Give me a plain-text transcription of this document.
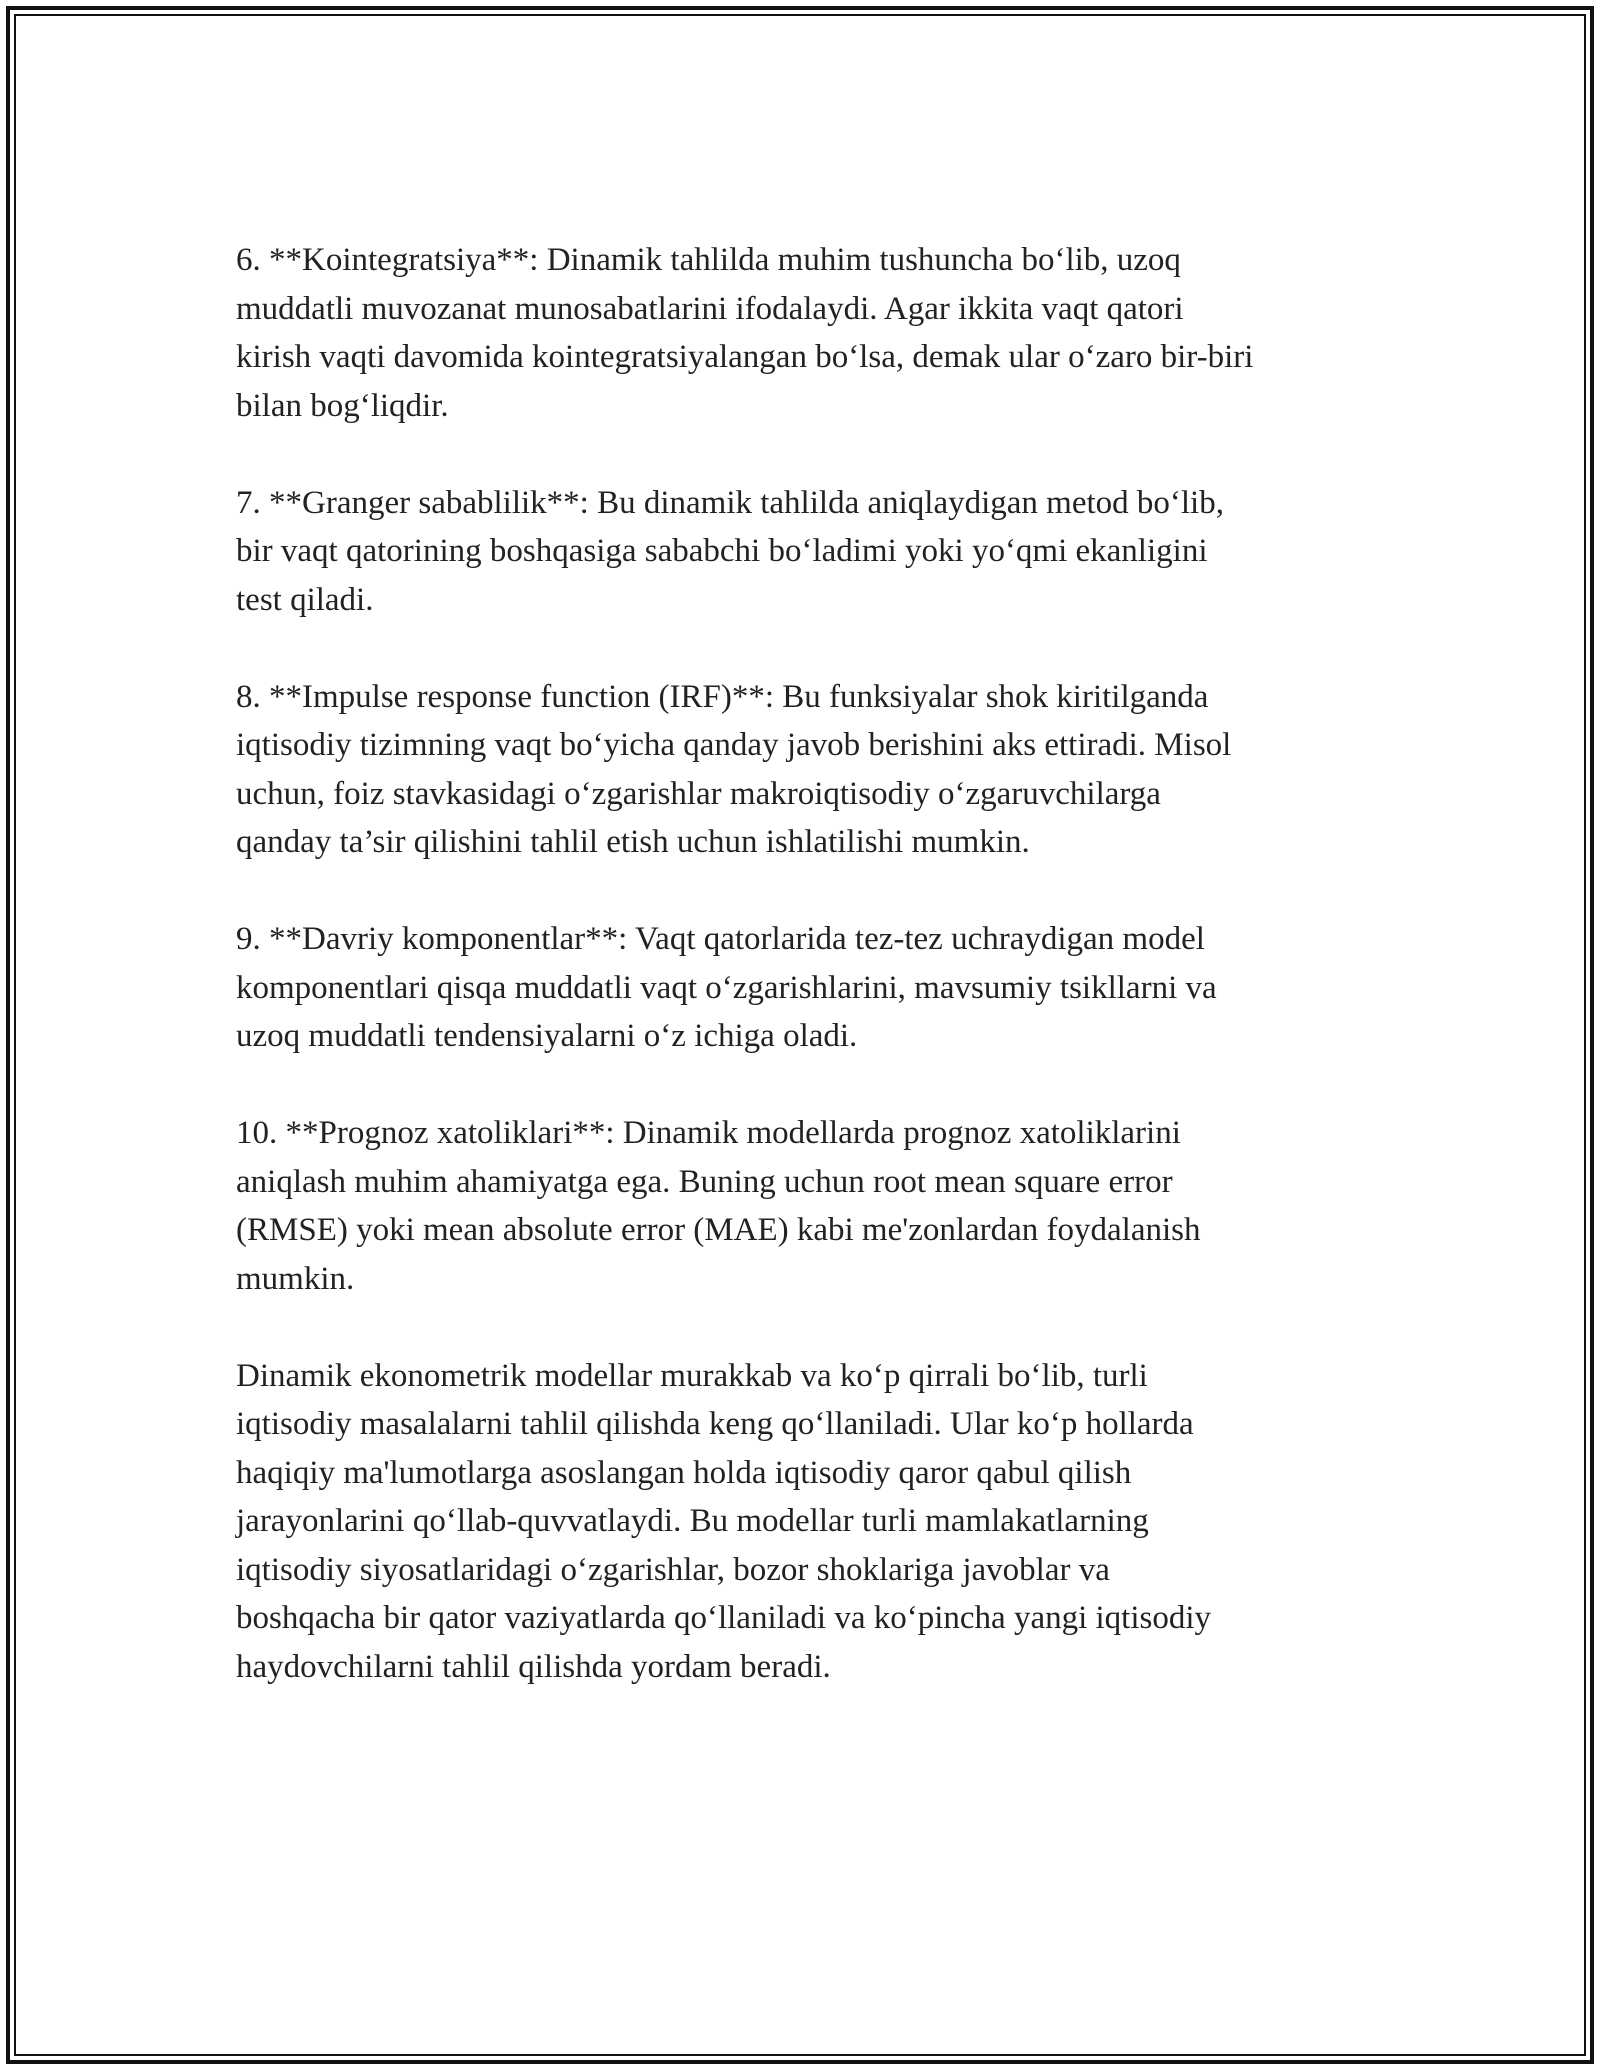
6. **Kointegratsiya**: Dinamik tahlilda muhim tushuncha bo‘lib, uzoq
muddatli muvozanat munosabatlarini ifodalaydi. Agar ikkita vaqt qatori
kirish vaqti davomida kointegratsiyalangan bo‘lsa, demak ular o‘zaro bir-biri
bilan bog‘liqdir.

7. **Granger sabablilik**: Bu dinamik tahlilda aniqlaydigan metod bo‘lib,
bir vaqt qatorining boshqasiga sababchi bo‘ladimi yoki yo‘qmi ekanligini
test qiladi.

8. **Impulse response function (IRF)**: Bu funksiyalar shok kiritilganda
iqtisodiy tizimning vaqt bo‘yicha qanday javob berishini aks ettiradi. Misol
uchun, foiz stavkasidagi o‘zgarishlar makroiqtisodiy o‘zgaruvchilarga
qanday ta’sir qilishini tahlil etish uchun ishlatilishi mumkin.

9. **Davriy komponentlar**: Vaqt qatorlarida tez-tez uchraydigan model
komponentlari qisqa muddatli vaqt o‘zgarishlarini, mavsumiy tsikllarni va
uzoq muddatli tendensiyalarni o‘z ichiga oladi.

10. **Prognoz xatoliklari**: Dinamik modellarda prognoz xatoliklarini
aniqlash muhim ahamiyatga ega. Buning uchun root mean square error
(RMSE) yoki mean absolute error (MAE) kabi me'zonlardan foydalanish
mumkin.

Dinamik ekonometrik modellar murakkab va ko‘p qirrali bo‘lib, turli
iqtisodiy masalalarni tahlil qilishda keng qo‘llaniladi. Ular ko‘p hollarda
haqiqiy ma'lumotlarga asoslangan holda iqtisodiy qaror qabul qilish
jarayonlarini qo‘llab-quvvatlaydi. Bu modellar turli mamlakatlarning
iqtisodiy siyosatlaridagi o‘zgarishlar, bozor shoklariga javoblar va
boshqacha bir qator vaziyatlarda qo‘llaniladi va ko‘pincha yangi iqtisodiy
haydovchilarni tahlil qilishda yordam beradi.
